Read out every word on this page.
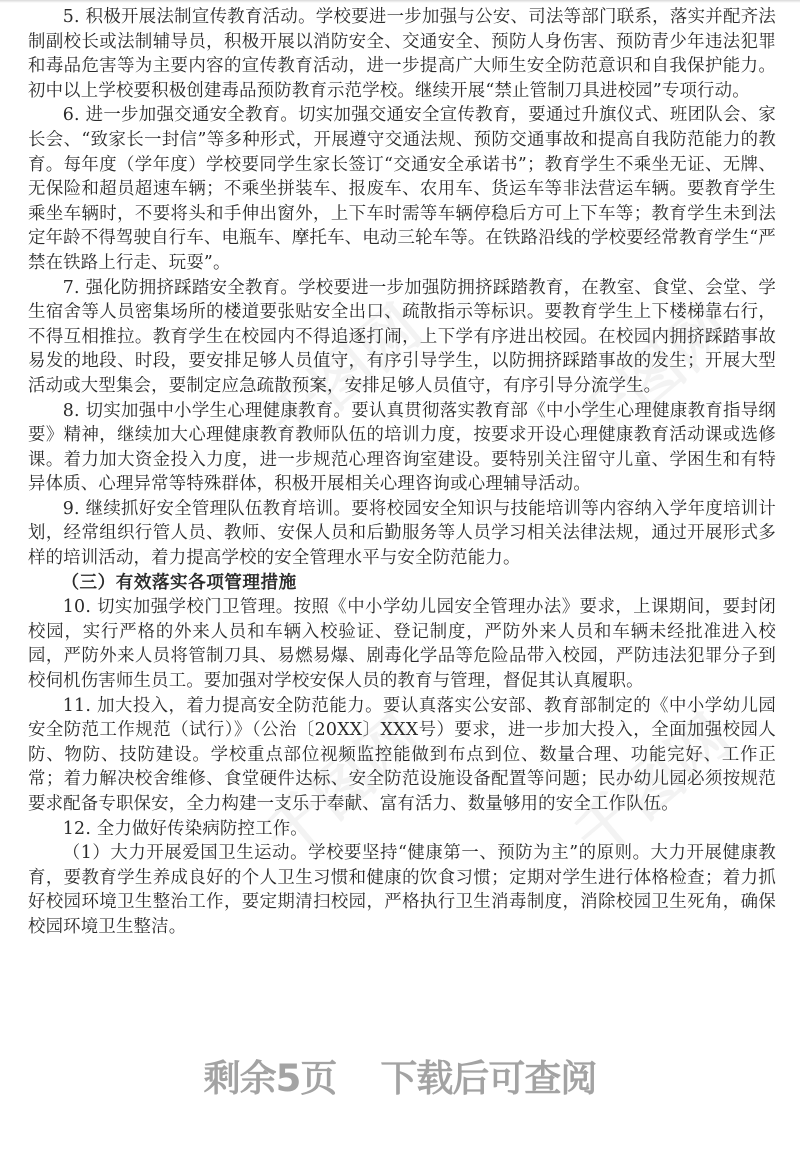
千图网 千图网
千图网 千图网

5. 积极开展法制宣传教育活动。学校要进一步加强与公安、司法等部门联系，落实并配齐法制副校长或法制辅导员，积极开展以消防安全、交通安全、预防人身伤害、预防青少年违法犯罪和毒品危害等为主要内容的宣传教育活动，进一步提高广大师生安全防范意识和自我保护能力。初中以上学校要积极创建毒品预防教育示范学校。继续开展“禁止管制刀具进校园”专项行动。

6. 进一步加强交通安全教育。切实加强交通安全宣传教育，要通过升旗仪式、班团队会、家长会、“致家长一封信”等多种形式，开展遵守交通法规、预防交通事故和提高自我防范能力的教育。每年度（学年度）学校要同学生家长签订“交通安全承诺书”；教育学生不乘坐无证、无牌、无保险和超员超速车辆；不乘坐拼装车、报废车、农用车、货运车等非法营运车辆。要教育学生乘坐车辆时，不要将头和手伸出窗外，上下车时需等车辆停稳后方可上下车等；教育学生未到法定年龄不得驾驶自行车、电瓶车、摩托车、电动三轮车等。在铁路沿线的学校要经常教育学生“严禁在铁路上行走、玩耍”。

7. 强化防拥挤踩踏安全教育。学校要进一步加强防拥挤踩踏教育，在教室、食堂、会堂、学生宿舍等人员密集场所的楼道要张贴安全出口、疏散指示等标识。要教育学生上下楼梯靠右行，不得互相推拉。教育学生在校园内不得追逐打闹，上下学有序进出校园。在校园内拥挤踩踏事故易发的地段、时段，要安排足够人员值守，有序引导学生，以防拥挤踩踏事故的发生；开展大型活动或大型集会，要制定应急疏散预案，安排足够人员值守，有序引导分流学生。

8. 切实加强中小学生心理健康教育。要认真贯彻落实教育部《中小学生心理健康教育指导纲要》精神，继续加大心理健康教育教师队伍的培训力度，按要求开设心理健康教育活动课或选修课。着力加大资金投入力度，进一步规范心理咨询室建设。要特别关注留守儿童、学困生和有特异体质、心理异常等特殊群体，积极开展相关心理咨询或心理辅导活动。

9. 继续抓好安全管理队伍教育培训。要将校园安全知识与技能培训等内容纳入学年度培训计划，经常组织行管人员、教师、安保人员和后勤服务等人员学习相关法律法规，通过开展形式多样的培训活动，着力提高学校的安全管理水平与安全防范能力。

（三）有效落实各项管理措施

10. 切实加强学校门卫管理。按照《中小学幼儿园安全管理办法》要求，上课期间，要封闭校园，实行严格的外来人员和车辆入校验证、登记制度，严防外来人员和车辆未经批准进入校园，严防外来人员将管制刀具、易燃易爆、剧毒化学品等危险品带入校园，严防违法犯罪分子到校伺机伤害师生员工。要加强对学校安保人员的教育与管理，督促其认真履职。

11. 加大投入，着力提高安全防范能力。要认真落实公安部、教育部制定的《中小学幼儿园安全防范工作规范（试行）》（公治〔20XX〕XXX号）要求，进一步加大投入，全面加强校园人防、物防、技防建设。学校重点部位视频监控能做到布点到位、数量合理、功能完好、工作正常；着力解决校舍维修、食堂硬件达标、安全防范设施设备配置等问题；民办幼儿园必须按规范要求配备专职保安，全力构建一支乐于奉献、富有活力、数量够用的安全工作队伍。

12. 全力做好传染病防控工作。

（1）大力开展爱国卫生运动。学校要坚持“健康第一、预防为主”的原则。大力开展健康教育，要教育学生养成良好的个人卫生习惯和健康的饮食习惯；定期对学生进行体格检查；着力抓好校园环境卫生整治工作，要定期清扫校园，严格执行卫生消毒制度，消除校园卫生死角，确保校园环境卫生整洁。

剩余5页 下载后可查阅
